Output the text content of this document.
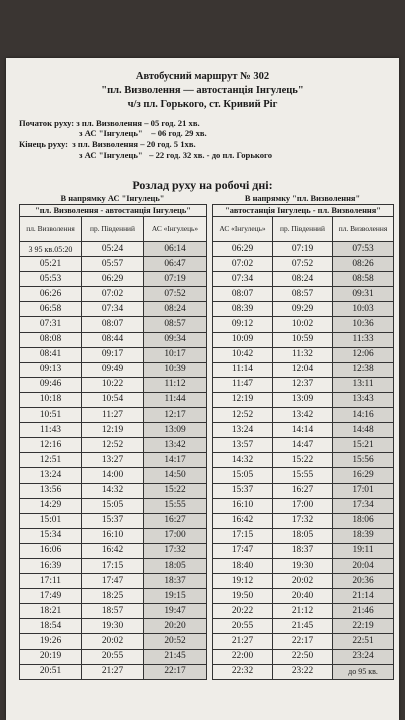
Автобусний маршрут № 302
"пл. Визволення — автостанція Інгулець"
ч/з пл. Горького, ст. Кривий Ріг
Початок руху: з пл. Визволення – 05 год. 21 хв.
з АС "Інгулець"    – 06 год. 29 хв.
Кінець руху:  з пл. Визволення – 20 год. 5 1хв.
з АС "Інгулець"   – 22 год. 32 хв. - до пл. Горького
Розлад руху на робочі дні:
В напрямку АС "Інгулець"
"пл. Визволення - автостанція Інгулець"		
пл. Визволення	пр. Південний	АС «Інгулець»
3 95 кв.05:20	05:24	06:14
05:21	05:57	06:47
05:53	06:29	07:19
06:26	07:02	07:52
06:58	07:34	08:24
07:31	08:07	08:57
08:08	08:44	09:34
08:41	09:17	10:17
09:13	09:49	10:39
09:46	10:22	11:12
10:18	10:54	11:44
10:51	11:27	12:17
11:43	12:19	13:09
12:16	12:52	13:42
12:51	13:27	14:17
13:24	14:00	14:50
13:56	14:32	15:22
14:29	15:05	15:55
15:01	15:37	16:27
15:34	16:10	17:00
16:06	16:42	17:32
16:39	17:15	18:05
17:11	17:47	18:37
17:49	18:25	19:15
18:21	18:57	19:47
18:54	19:30	20:20
19:26	20:02	20:52
20:19	20:55	21:45
20:51	21:27	22:17
В напрямку "пл. Визволення"
"автостанція Інгулець - пл. Визволення"		
АС «Інгулець»	пр. Південний	пл. Визволення
06:29	07:19	07:53
07:02	07:52	08:26
07:34	08:24	08:58
08:07	08:57	09:31
08:39	09:29	10:03
09:12	10:02	10:36
10:09	10:59	11:33
10:42	11:32	12:06
11:14	12:04	12:38
11:47	12:37	13:11
12:19	13:09	13:43
12:52	13:42	14:16
13:24	14:14	14:48
13:57	14:47	15:21
14:32	15:22	15:56
15:05	15:55	16:29
15:37	16:27	17:01
16:10	17:00	17:34
16:42	17:32	18:06
17:15	18:05	18:39
17:47	18:37	19:11
18:40	19:30	20:04
19:12	20:02	20:36
19:50	20:40	21:14
20:22	21:12	21:46
20:55	21:45	22:19
21:27	22:17	22:51
22:00	22:50	23:24
22:32	23:22	до 95 кв.
